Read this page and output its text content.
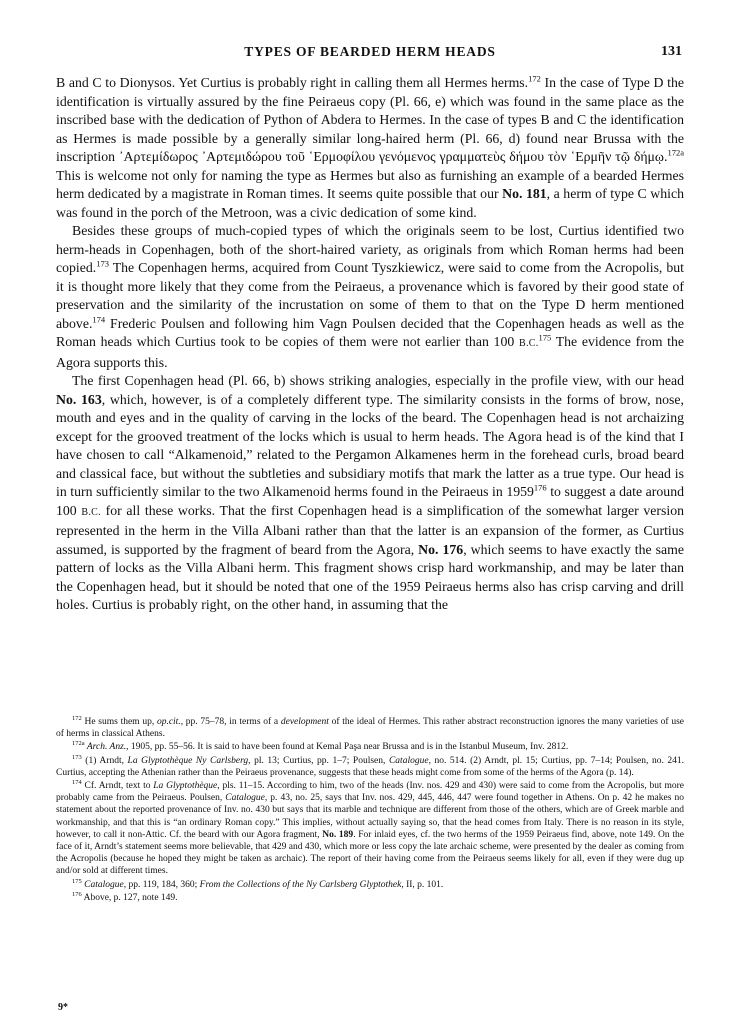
TYPES OF BEARDED HERM HEADS	131

B and C to Dionysos. Yet Curtius is probably right in calling them all Hermes herms.$^{172}$ In the case of Type D the identification is virtually assured by the fine Peiraeus copy (Pl. 66, e) which was found in the same place as the inscribed base with the dedication of Python of Abdera to Hermes. In the case of types B and C the identification as Hermes is made possible by a generally similar long-haired herm (Pl. 66, d) found near Brussa with the inscription ᾿Αρτεμίδωρος ᾿Αρτεμιδώρου τοῦ ῾Ερμοφίλου γενόμενος γραμματεὺς δήμου τὸν ῾Ερμῆν τῷ δήμῳ.$^{172a}$ This is welcome not only for naming the type as Hermes but also as furnishing an example of a bearded Hermes herm dedicated by a magistrate in Roman times. It seems quite possible that our No. 181, a herm of type C which was found in the porch of the Metroon, was a civic dedication of some kind.

Besides these groups of much-copied types of which the originals seem to be lost, Curtius identified two herm-heads in Copenhagen, both of the short-haired variety, as originals from which Roman herms had been copied.$^{173}$ The Copenhagen herms, acquired from Count Tyszkiewicz, were said to come from the Acropolis, but it is thought more likely that they come from the Peiraeus, a provenance which is favored by their good state of preservation and the similarity of the incrustation on some of them to that on the Type D herm mentioned above.$^{174}$ Frederic Poulsen and following him Vagn Poulsen decided that the Copenhagen heads as well as the Roman heads which Curtius took to be copies of them were not earlier than 100 B.C.$^{175}$ The evidence from the Agora supports this.

The first Copenhagen head (Pl. 66, b) shows striking analogies, especially in the profile view, with our head No. 163, which, however, is of a completely different type. The similarity consists in the forms of brow, nose, mouth and eyes and in the quality of carving in the locks of the beard. The Copenhagen head is not archaizing except for the grooved treatment of the locks which is usual to herm heads. The Agora head is of the kind that I have chosen to call “Alkamenoid,” related to the Pergamon Alkamenes herm in the forehead curls, broad beard and classical face, but without the subtleties and subsidiary motifs that mark the latter as a true type. Our head is in turn sufficiently similar to the two Alkamenoid herms found in the Peiraeus in 1959$^{176}$ to suggest a date around 100 B.C. for all these works. That the first Copenhagen head is a simplification of the somewhat larger version represented in the herm in the Villa Albani rather than that the latter is an expansion of the former, as Curtius assumed, is supported by the fragment of beard from the Agora, No. 176, which seems to have exactly the same pattern of locks as the Villa Albani herm. This fragment shows crisp hard workmanship, and may be later than the Copenhagen head, but it should be noted that one of the 1959 Peiraeus herms also has crisp carving and drill holes. Curtius is probably right, on the other hand, in assuming that the

$^{172}$ He sums them up, op.cit., pp. 75–78, in terms of a development of the ideal of Hermes. This rather abstract reconstruction ignores the many varieties of use of herms in classical Athens.

$^{172a}$ Arch. Anz., 1905, pp. 55–56. It is said to have been found at Kemal Paşa near Brussa and is in the Istanbul Museum, Inv. 2812.

$^{173}$ (1) Arndt, La Glyptothèque Ny Carlsberg, pl. 13; Curtius, pp. 1–7; Poulsen, Catalogue, no. 514. (2) Arndt, pl. 15; Curtius, pp. 7–14; Poulsen, no. 241. Curtius, accepting the Athenian rather than the Peiraeus provenance, suggests that these heads might come from some of the herms of the Agora (p. 14).

$^{174}$ Cf. Arndt, text to La Glyptothèque, pls. 11–15. According to him, two of the heads (Inv. nos. 429 and 430) were said to come from the Acropolis, but more probably came from the Peiraeus. Poulsen, Catalogue, p. 43, no. 25, says that Inv. nos. 429, 445, 446, 447 were found together in Athens. On p. 42 he makes no statement about the reported provenance of Inv. no. 430 but says that its marble and technique are different from those of the others, which are of Greek marble and workmanship, and that this is “an ordinary Roman copy.” This implies, without actually saying so, that the head comes from Italy. There is no reason in its style, however, to call it non-Attic. Cf. the beard with our Agora fragment, No. 189. For inlaid eyes, cf. the two herms of the 1959 Peiraeus find, above, note 149. On the face of it, Arndt’s statement seems more believable, that 429 and 430, which more or less copy the late archaic scheme, were presented by the dealer as coming from the Acropolis (because he hoped they might be taken as archaic). The report of their having come from the Peiraeus seems likely for all, even if they were dug up and/or sold at different times.

$^{175}$ Catalogue, pp. 119, 184, 360; From the Collections of the Ny Carlsberg Glyptothek, II, p. 101.

$^{176}$ Above, p. 127, note 149.

9*
